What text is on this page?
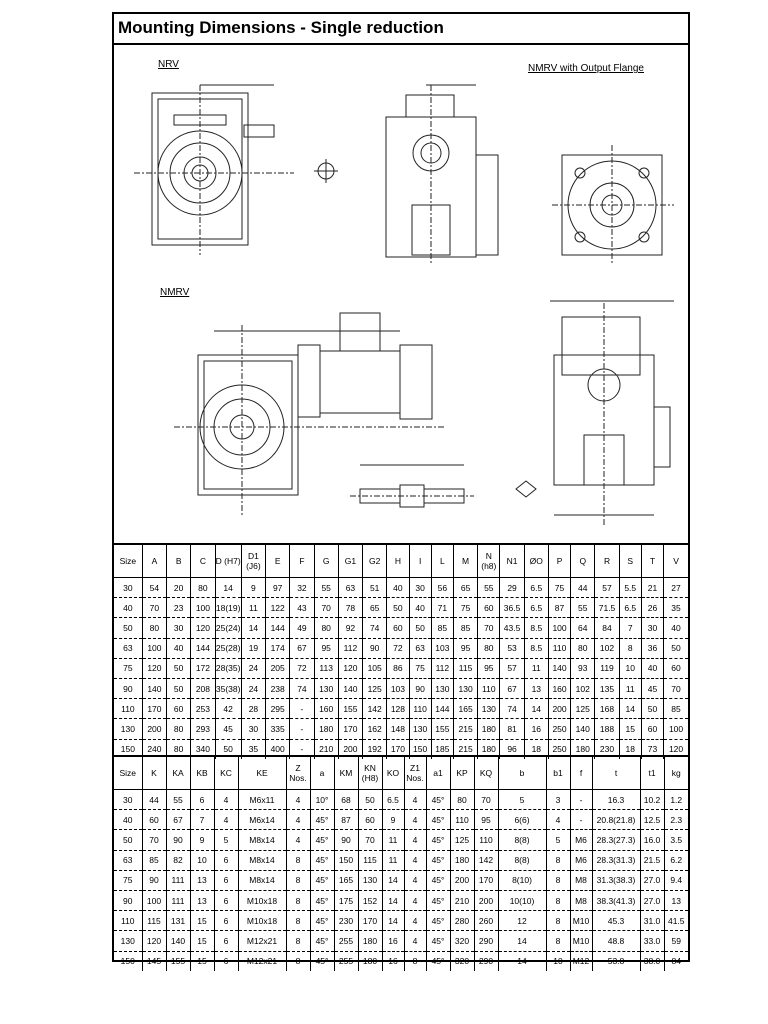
Mounting Dimensions - Single reduction
NRV	NMRV with Output Flange
NMRV
Size	A	B	C	D (H7)	D1 (J6)	E	F	G	G1	G2	H	I	L	M	N (h8)	N1	ØO	P	Q	R	S	T	V
30	54	20	80	14	9	97	32	55	63	51	40	30	56	65	55	29	6.5	75	44	57	5.5	21	27
40	70	23	100	18(19)	11	122	43	70	78	65	50	40	71	75	60	36.5	6.5	87	55	71.5	6.5	26	35
50	80	30	120	25(24)	14	144	49	80	92	74	60	50	85	85	70	43.5	8.5	100	64	84	7	30	40
63	100	40	144	25(28)	19	174	67	95	112	90	72	63	103	95	80	53	8.5	110	80	102	8	36	50
75	120	50	172	28(35)	24	205	72	113	120	105	86	75	112	115	95	57	11	140	93	119	10	40	60
90	140	50	208	35(38)	24	238	74	130	140	125	103	90	130	130	110	67	13	160	102	135	11	45	70
110	170	60	253	42	28	295	-	160	155	142	128	110	144	165	130	74	14	200	125	168	14	50	85
130	200	80	293	45	30	335	-	180	170	162	148	130	155	215	180	81	16	250	140	188	15	60	100
150	240	80	340	50	35	400	-	210	200	192	170	150	185	215	180	96	18	250	180	230	18	73	120
Size	K	KA	KB	KC	KE	Z Nos.	a	KM	KN (H8)	KO	Z1 Nos.	a1	KP	KQ	b	b1	f	t	t1	kg
30	44	55	6	4	M6x11	4	10°	68	50	6.5	4	45°	80	70	5	3	-	16.3	10.2	1.2
40	60	67	7	4	M6x14	4	45°	87	60	9	4	45°	110	95	6(6)	4	-	20.8(21.8)	12.5	2.3
50	70	90	9	5	M8x14	4	45°	90	70	11	4	45°	125	110	8(8)	5	M6	28.3(27.3)	16.0	3.5
63	85	82	10	6	M8x14	8	45°	150	115	11	4	45°	180	142	8(8)	8	M6	28.3(31.3)	21.5	6.2
75	90	111	13	6	M8x14	8	45°	165	130	14	4	45°	200	170	8(10)	8	M8	31.3(38.3)	27.0	9.4
90	100	111	13	6	M10x18	8	45°	175	152	14	4	45°	210	200	10(10)	8	M8	38.3(41.3)	27.0	13
110	115	131	15	6	M10x18	8	45°	230	170	14	4	45°	280	260	12	8	M10	45.3	31.0	41.5
130	120	140	15	6	M12x21	8	45°	255	180	16	4	45°	320	290	14	8	M10	48.8	33.0	59
150	145	155	15	6	M12x21	8	45°	255	180	16	8	45°	320	290	14	10	M12	53.8	38.0	84
